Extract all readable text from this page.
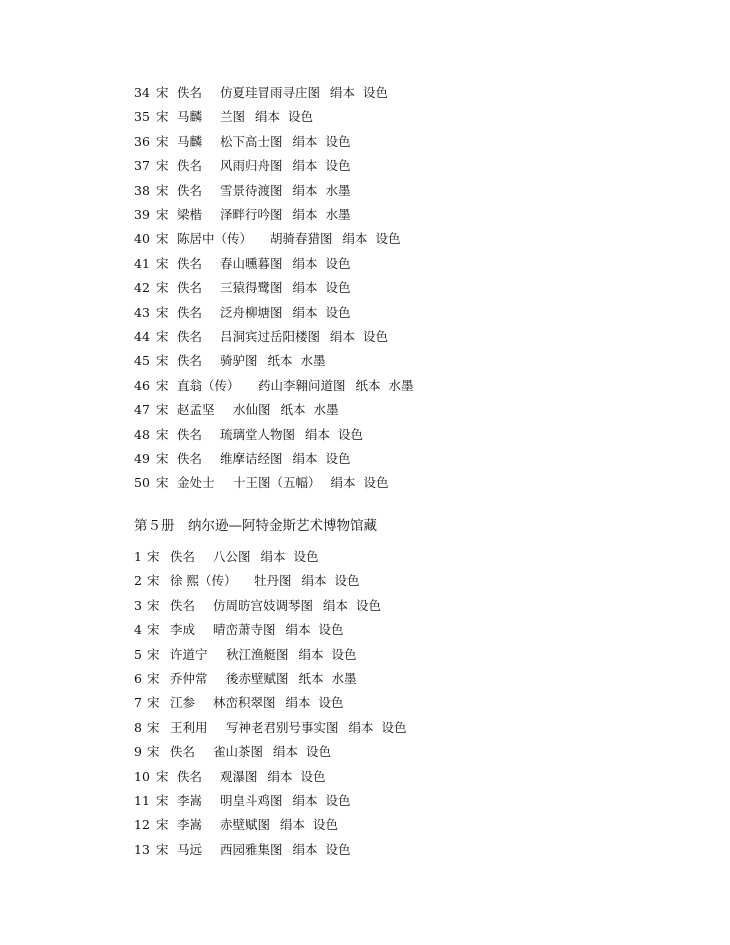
34 宋 佚名 仿夏珪冒雨寻庄图 绢本 设色
35 宋 马麟 兰图 绢本 设色
36 宋 马麟 松下高士图 绢本 设色
37 宋 佚名 风雨归舟图 绢本 设色
38 宋 佚名 雪景待渡图 绢本 水墨
39 宋 梁楷 泽畔行吟图 绢本 水墨
40 宋 陈居中（传） 胡骑春猎图 绢本 设色
41 宋 佚名 春山曛暮图 绢本 设色
42 宋 佚名 三猿得鹭图 绢本 设色
43 宋 佚名 泛舟柳塘图 绢本 设色
44 宋 佚名 吕洞宾过岳阳楼图 绢本 设色
45 宋 佚名 骑驴图 纸本 水墨
46 宋 直翁（传） 药山李翱问道图 纸本 水墨
47 宋 赵孟坚 水仙图 纸本 水墨
48 宋 佚名 琉璃堂人物图 绢本 设色
49 宋 佚名 维摩诘经图 绢本 设色
50 宋 金处士 十王图（五幅） 绢本 设色
第５册　纳尔逊—阿特金斯艺术博物馆藏
1 宋 佚名 八公图 绢本 设色
2 宋 徐 熙（传） 牡丹图 绢本 设色
3 宋 佚名 仿周昉宫妓调琴图 绢本 设色
4 宋 李成 晴峦萧寺图 绢本 设色
5 宋 许道宁 秋江渔艇图 绢本 设色
6 宋 乔仲常 後赤壁赋图 纸本 水墨
7 宋 江参 林峦积翠图 绢本 设色
8 宋 王利用 写神老君别号事实图 绢本 设色
9 宋 佚名 雀山茶图 绢本 设色
10 宋 佚名 观瀑图 绢本 设色
11 宋 李嵩 明皇斗鸡图 绢本 设色
12 宋 李嵩 赤壁赋图 绢本 设色
13 宋 马远 西园雅集图 绢本 设色
